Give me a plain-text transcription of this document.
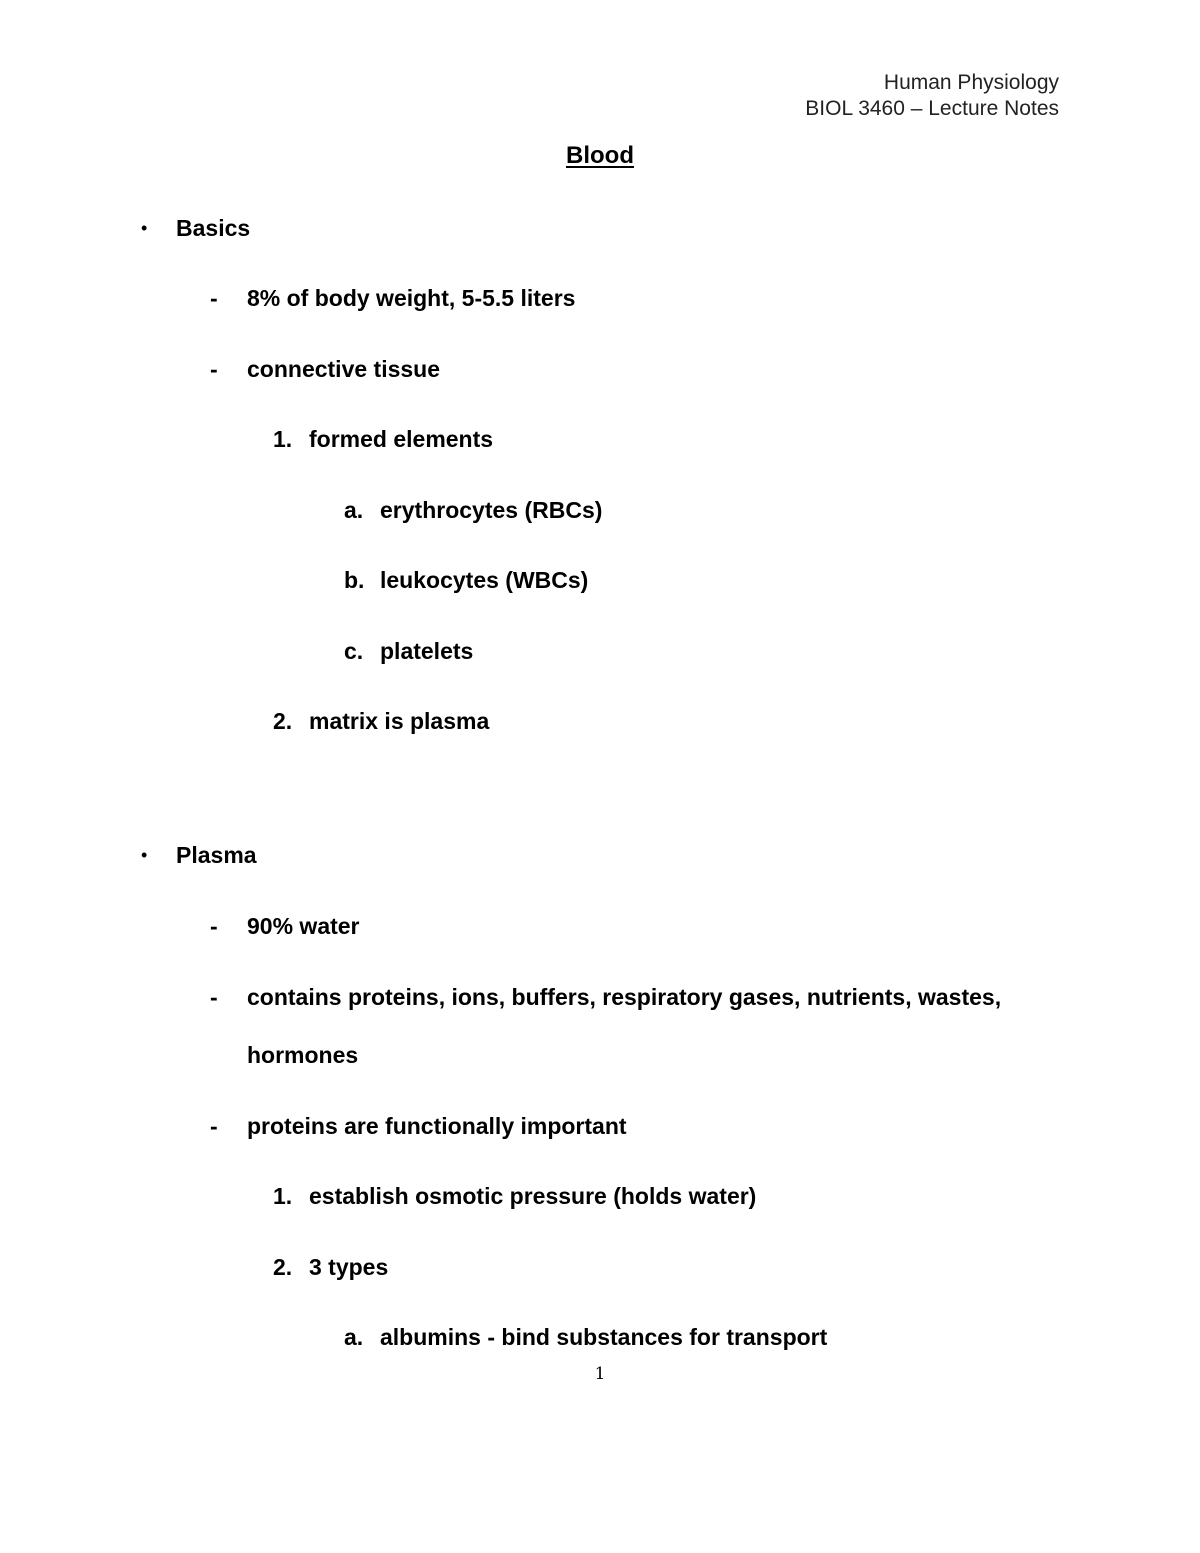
Human Physiology
BIOL 3460 – Lecture Notes
Blood
• Basics
- 8% of body weight, 5-5.5 liters
- connective tissue
1. formed elements
a. erythrocytes (RBCs)
b. leukocytes (WBCs)
c. platelets
2. matrix is plasma
• Plasma
- 90% water
- contains proteins, ions, buffers, respiratory gases, nutrients, wastes,
hormones
- proteins are functionally important
1. establish osmotic pressure (holds water)
2. 3 types
a. albumins - bind substances for transport
1
